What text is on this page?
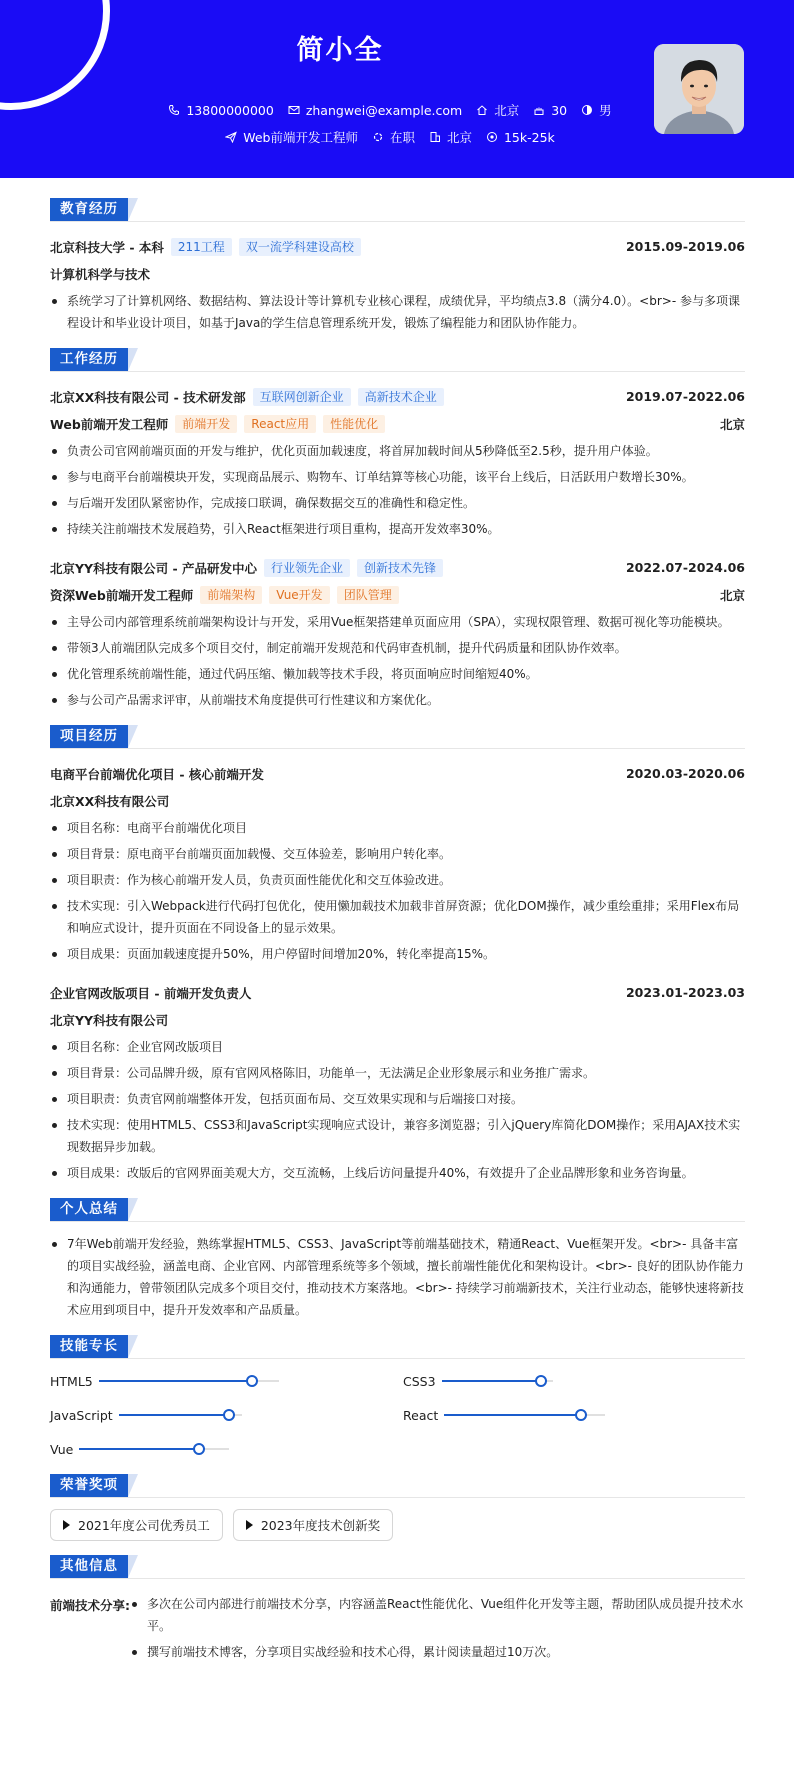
简小全
13800000000	zhangwei@example.com	北京	30	男
Web前端开发工程师	在职	北京	15k-25k
教育经历
北京科技大学 - 本科	211工程	双一流学科建设高校	2015.09-2019.06
计算机科学与技术
系统学习了计算机网络、数据结构、算法设计等计算机专业核心课程，成绩优异，平均绩点3.8（满分4.0）。<br>- 参与多项课程设计和毕业设计项目，如基于Java的学生信息管理系统开发，锻炼了编程能力和团队协作能力。
工作经历
北京XX科技有限公司 - 技术研发部	互联网创新企业	高新技术企业	2019.07-2022.06
Web前端开发工程师	前端开发	React应用	性能优化	北京
负责公司官网前端页面的开发与维护，优化页面加载速度，将首屏加载时间从5秒降低至2.5秒，提升用户体验。
参与电商平台前端模块开发，实现商品展示、购物车、订单结算等核心功能，该平台上线后，日活跃用户数增长30%。
与后端开发团队紧密协作，完成接口联调，确保数据交互的准确性和稳定性。
持续关注前端技术发展趋势，引入React框架进行项目重构，提高开发效率30%。
北京YY科技有限公司 - 产品研发中心	行业领先企业	创新技术先锋	2022.07-2024.06
资深Web前端开发工程师	前端架构	Vue开发	团队管理	北京
主导公司内部管理系统前端架构设计与开发，采用Vue框架搭建单页面应用（SPA），实现权限管理、数据可视化等功能模块。
带领3人前端团队完成多个项目交付，制定前端开发规范和代码审查机制，提升代码质量和团队协作效率。
优化管理系统前端性能，通过代码压缩、懒加载等技术手段，将页面响应时间缩短40%。
参与公司产品需求评审，从前端技术角度提供可行性建议和方案优化。
项目经历
电商平台前端优化项目 - 核心前端开发	2020.03-2020.06
北京XX科技有限公司
项目名称：电商平台前端优化项目
项目背景：原电商平台前端页面加载慢、交互体验差，影响用户转化率。
项目职责：作为核心前端开发人员，负责页面性能优化和交互体验改进。
技术实现：引入Webpack进行代码打包优化，使用懒加载技术加载非首屏资源；优化DOM操作，减少重绘重排；采用Flex布局和响应式设计，提升页面在不同设备上的显示效果。
项目成果：页面加载速度提升50%，用户停留时间增加20%，转化率提高15%。
企业官网改版项目 - 前端开发负责人	2023.01-2023.03
北京YY科技有限公司
项目名称：企业官网改版项目
项目背景：公司品牌升级，原有官网风格陈旧，功能单一，无法满足企业形象展示和业务推广需求。
项目职责：负责官网前端整体开发，包括页面布局、交互效果实现和与后端接口对接。
技术实现：使用HTML5、CSS3和JavaScript实现响应式设计，兼容多浏览器；引入jQuery库简化DOM操作；采用AJAX技术实现数据异步加载。
项目成果：改版后的官网界面美观大方，交互流畅，上线后访问量提升40%，有效提升了企业品牌形象和业务咨询量。
个人总结
7年Web前端开发经验，熟练掌握HTML5、CSS3、JavaScript等前端基础技术，精通React、Vue框架开发。<br>- 具备丰富的项目实战经验，涵盖电商、企业官网、内部管理系统等多个领域，擅长前端性能优化和架构设计。<br>- 良好的团队协作能力和沟通能力，曾带领团队完成多个项目交付，推动技术方案落地。<br>- 持续学习前端新技术，关注行业动态，能够快速将新技术应用到项目中，提升开发效率和产品质量。
技能专长
HTML5	CSS3
JavaScript	React
Vue
荣誉奖项
2021年度公司优秀员工	2023年度技术创新奖
其他信息
前端技术分享:	多次在公司内部进行前端技术分享，内容涵盖React性能优化、Vue组件化开发等主题，帮助团队成员提升技术水平。
撰写前端技术博客，分享项目实战经验和技术心得，累计阅读量超过10万次。
